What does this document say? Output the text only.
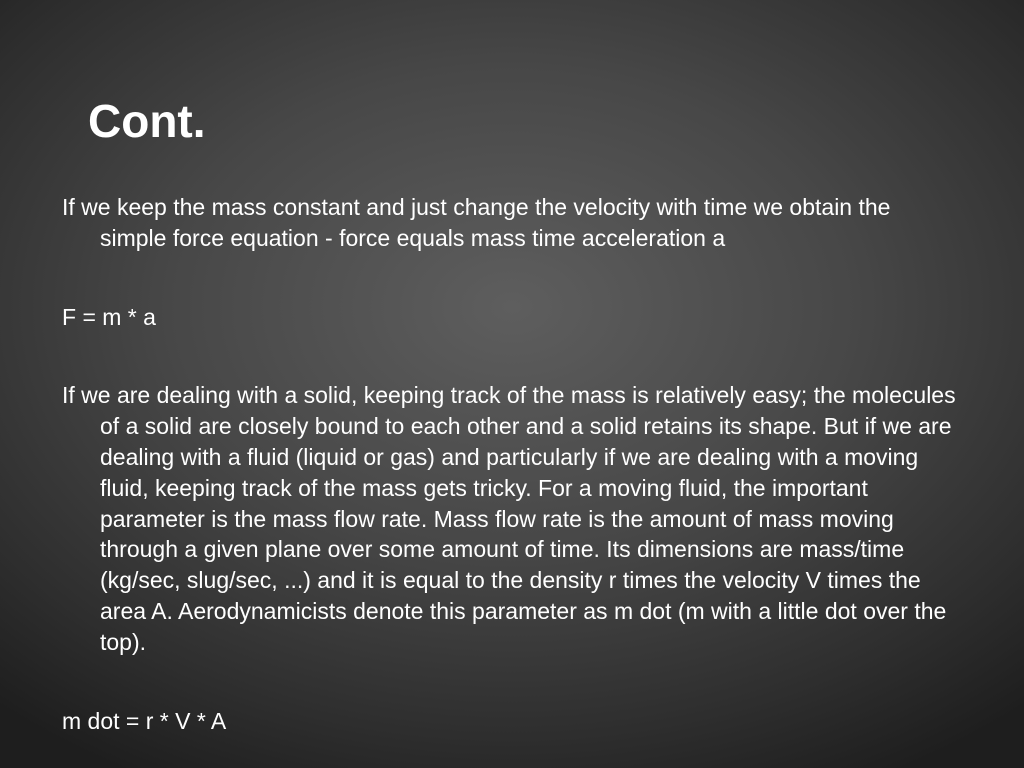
Cont.

If we keep the mass constant and just change the velocity with time we obtain the simple force equation - force equals mass time acceleration a

F = m * a

If we are dealing with a solid, keeping track of the mass is relatively easy; the molecules of a solid are closely bound to each other and a solid retains its shape. But if we are dealing with a fluid (liquid or gas) and particularly if we are dealing with a moving fluid, keeping track of the mass gets tricky. For a moving fluid, the important parameter is the mass flow rate. Mass flow rate is the amount of mass moving through a given plane over some amount of time. Its dimensions are mass/time (kg/sec, slug/sec, ...) and it is equal to the density r times the velocity V times the area A. Aerodynamicists denote this parameter as m dot (m with a little dot over the top).

m dot = r * V * A
